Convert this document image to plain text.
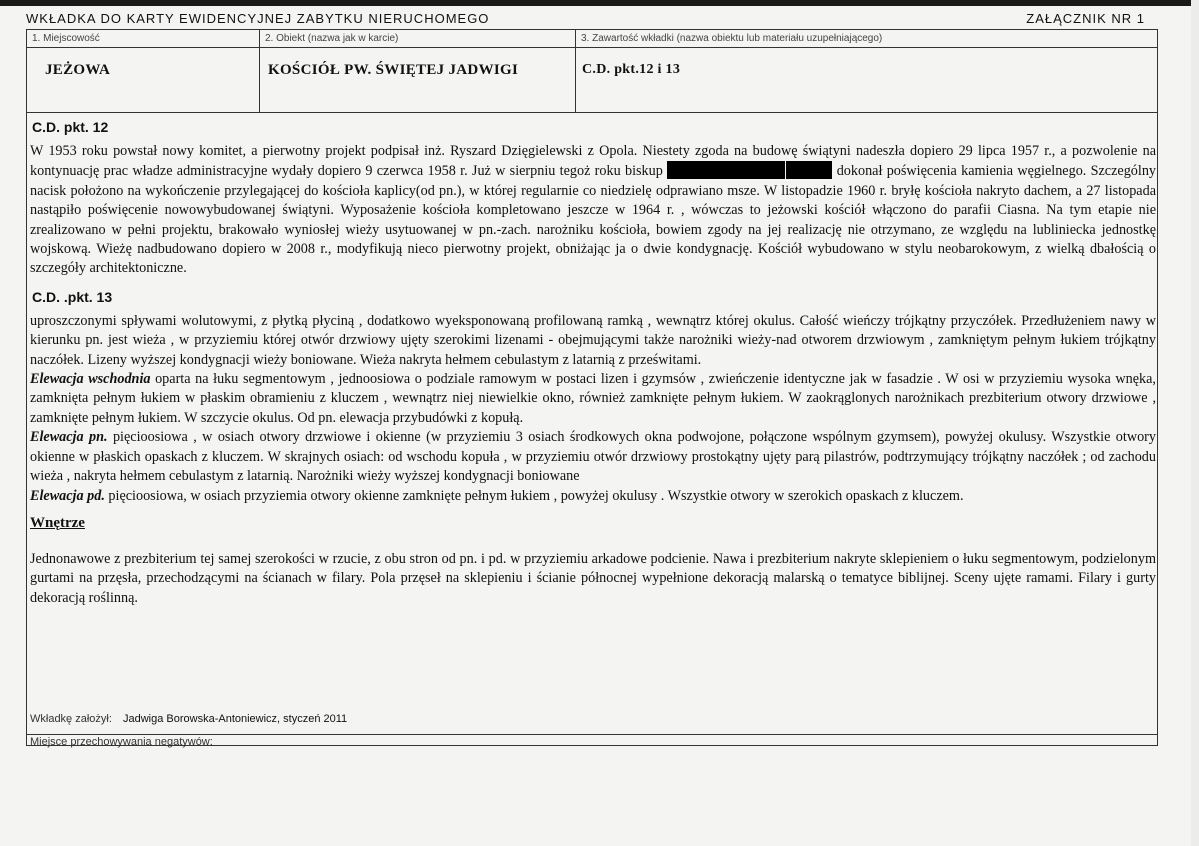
WKŁADKA DO KARTY EWIDENCYJNEJ ZABYTKU NIERUCHOMEGO	ZAŁĄCZNIK NR 1
1. Miejscowość
JEŻOWA
2. Obiekt (nazwa jak w karcie)
KOŚCIÓŁ PW. ŚWIĘTEJ JADWIGI
3. Zawartość wkładki (nazwa obiektu lub materiału uzupełniającego)
C.D. pkt.12 i 13
C.D. pkt. 12

W 1953 roku powstał nowy komitet, a pierwotny projekt podpisał inż. Ryszard Dzięgielewski z Opola. Niestety zgoda na budowę świątyni nadeszła dopiero 29 lipca 1957 r., a pozwolenie na kontynuację prac władze administracyjne wydały dopiero 9 czerwca 1958 r. Już w sierpniu tegoż roku biskup	dokonał poświęcenia kamienia węgielnego. Szczególny nacisk położono na wykończenie przylegającej do kościoła kaplicy(od pn.), w której regularnie co niedzielę odprawiano msze. W listopadzie 1960 r. bryłę kościoła nakryto dachem, a 27 listopada nastąpiło poświęcenie nowowybudowanej świątyni. Wyposażenie kościoła kompletowano jeszcze w 1964 r. , wówczas to jeżowski kościół włączono do parafii Ciasna. Na tym etapie nie zrealizowano w pełni projektu, brakowało wyniosłej wieży usytuowanej w pn.-zach. narożniku kościoła, bowiem zgody na jej realizację nie otrzymano, ze względu na lubliniecka jednostkę wojskową. Wieżę nadbudowano dopiero w 2008 r., modyfikują nieco pierwotny projekt, obniżając ja o dwie kondygnację. Kościół wybudowano w stylu neobarokowym, z wielką dbałością o szczegóły architektoniczne.

C.D. .pkt. 13

uproszczonymi spływami wolutowymi, z płytką płyciną , dodatkowo wyeksponowaną profilowaną ramką , wewnątrz której okulus. Całość wieńczy trójkątny przyczółek. Przedłużeniem nawy w kierunku pn. jest wieża , w przyziemiu której otwór drzwiowy ujęty szerokimi lizenami - obejmującymi także narożniki wieży-nad otworem drzwiowym , zamkniętym pełnym łukiem trójkątny naczółek. Lizeny wyższej kondygnacji wieży boniowane. Wieża nakryta hełmem cebulastym z latarnią z prześwitami.

Elewacja wschodnia oparta na łuku segmentowym , jednoosiowa o podziale ramowym w postaci lizen i gzymsów , zwieńczenie identyczne jak w fasadzie . W osi w przyziemiu wysoka wnęka, zamknięta pełnym łukiem w płaskim obramieniu z kluczem , wewnątrz niej niewielkie okno, również zamknięte pełnym łukiem. W zaokrąglonych narożnikach prezbiterium otwory drzwiowe , zamknięte pełnym łukiem. W szczycie okulus. Od pn. elewacja przybudówki z kopułą.

Elewacja pn. pięcioosiowa , w osiach otwory drzwiowe i okienne (w przyziemiu 3 osiach środkowych okna podwojone, połączone wspólnym gzymsem), powyżej okulusy. Wszystkie otwory okienne w płaskich opaskach z kluczem. W skrajnych osiach: od wschodu kopuła , w przyziemiu otwór drzwiowy prostokątny ujęty parą pilastrów, podtrzymujący trójkątny naczółek ; od zachodu wieża , nakryta hełmem cebulastym z latarnią. Narożniki wieży wyższej kondygnacji boniowane

Elewacja pd. pięcioosiowa, w osiach przyziemia otwory okienne zamknięte pełnym łukiem , powyżej okulusy . Wszystkie otwory w szerokich opaskach z kluczem.

Wnętrze

Jednonawowe z prezbiterium tej samej szerokości w rzucie, z obu stron od pn. i pd. w przyziemiu arkadowe podcienie. Nawa i prezbiterium nakryte sklepieniem o łuku segmentowym, podzielonym gurtami na przęsła, przechodzącymi na ścianach w filary. Pola przęseł na sklepieniu i ścianie północnej wypełnione dekoracją malarską o tematyce biblijnej. Sceny ujęte ramami. Filary i gurty dekoracją roślinną.

Wkładkę założył: Jadwiga Borowska-Antoniewicz, styczeń 2011
Miejsce przechowywania negatywów:
